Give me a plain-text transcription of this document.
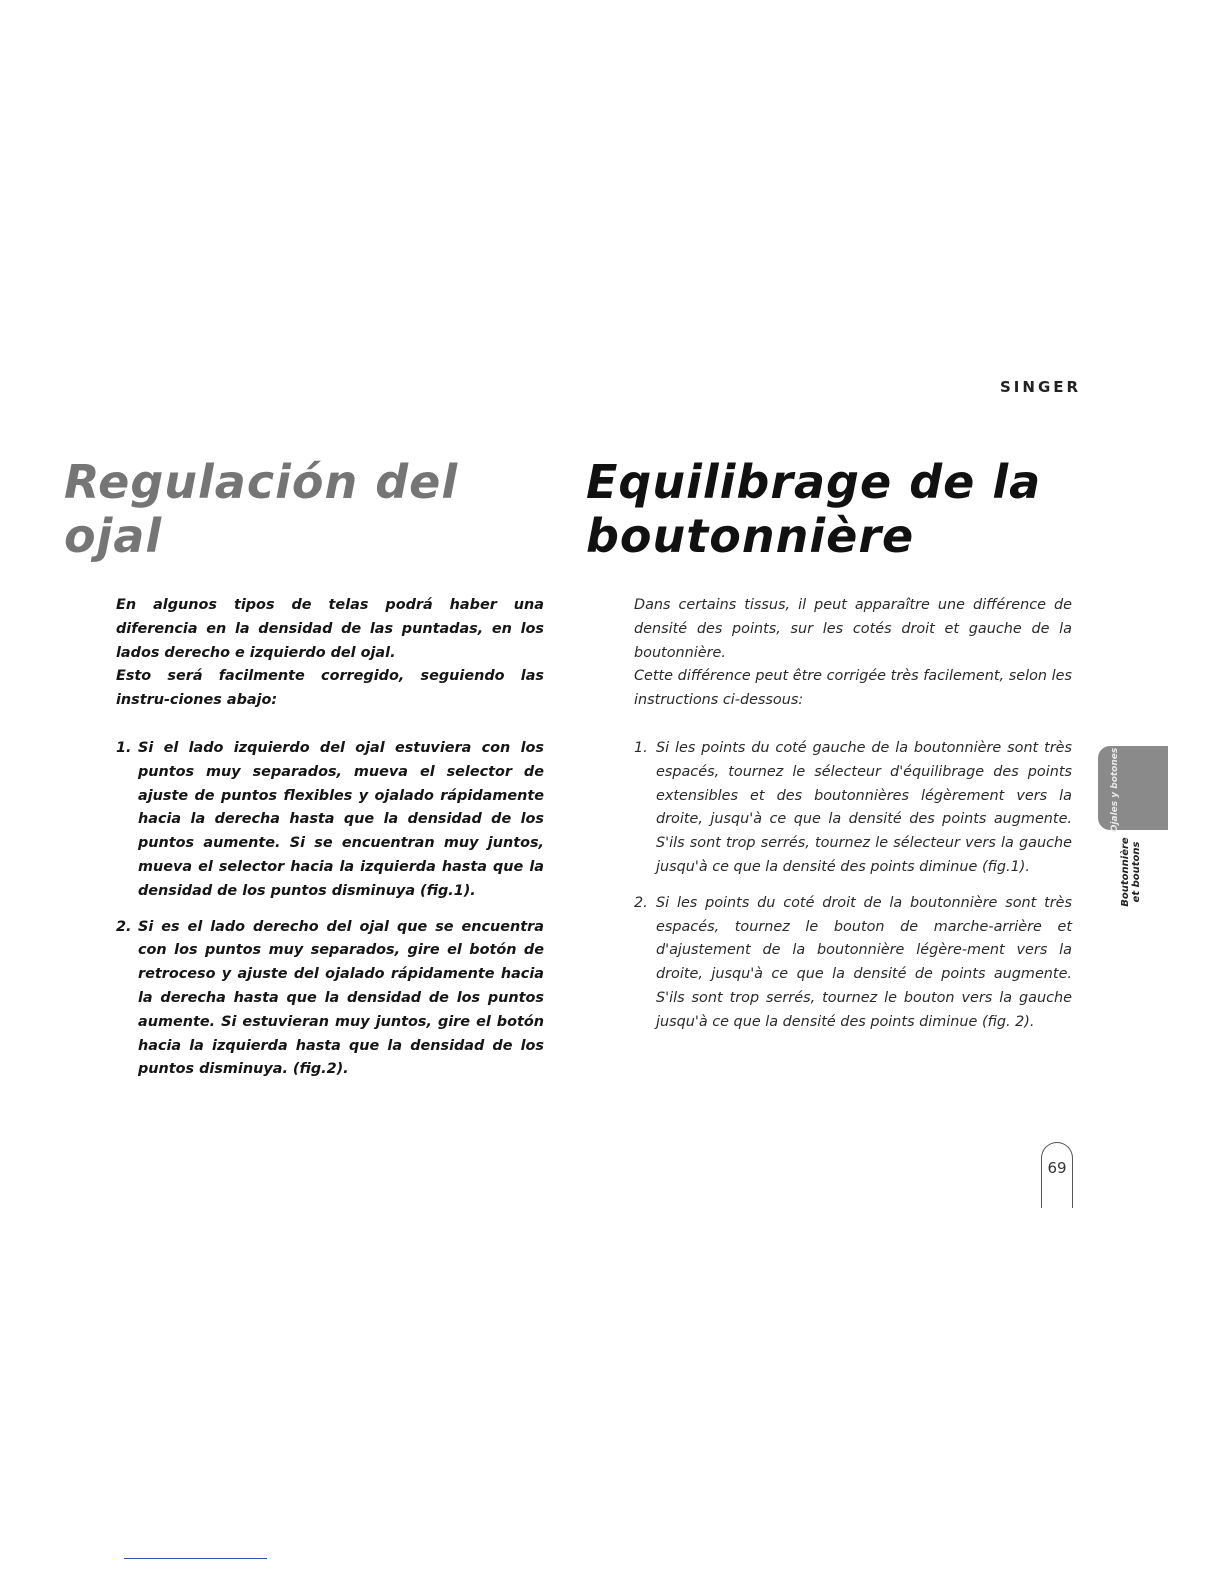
SINGER
Regulación del ojal
Equilibrage de la boutonnière

En algunos tipos de telas podrá haber una diferencia en la densidad de las puntadas, en los lados derecho e izquierdo del ojal.

Esto será facilmente corregido, seguiendo las instru-ciones abajo:

1. Si el lado izquierdo del ojal estuviera con los puntos muy separados, mueva el selector de ajuste de puntos flexibles y ojalado rápidamente hacia la derecha hasta que la densidad de los puntos aumente. Si se encuentran muy juntos, mueva el selector hacia la izquierda hasta que la densidad de los puntos disminuya (fig.1).
2. Si es el lado derecho del ojal que se encuentra con los puntos muy separados, gire el botón de retroceso y ajuste del ojalado rápidamente hacia la derecha hasta que la densidad de los puntos aumente. Si estuvieran muy juntos, gire el botón hacia la izquierda hasta que la densidad de los puntos disminuya. (fig.2).

Dans certains tissus, il peut apparaître une différence de densité des points, sur les cotés droit et gauche de la boutonnière.

Cette différence peut être corrigée très facilement, selon les instructions ci-dessous:

1. Si les points du coté gauche de la boutonnière sont très espacés, tournez le sélecteur d'équilibrage des points extensibles et des boutonnières légèrement vers la droite, jusqu'à ce que la densité des points augmente. S'ils sont trop serrés, tournez le sélecteur vers la gauche jusqu'à ce que la densité des points diminue (fig.1).
2. Si les points du coté droit de la boutonnière sont très espacés, tournez le bouton de marche-arrière et d'ajustement de la boutonnière légère-ment vers la droite, jusqu'à ce que la densité de points augmente. S'ils sont trop serrés, tournez le bouton vers la gauche jusqu'à ce que la densité des points diminue (fig. 2).
Ojales y botones
Boutonnière et boutons
69
